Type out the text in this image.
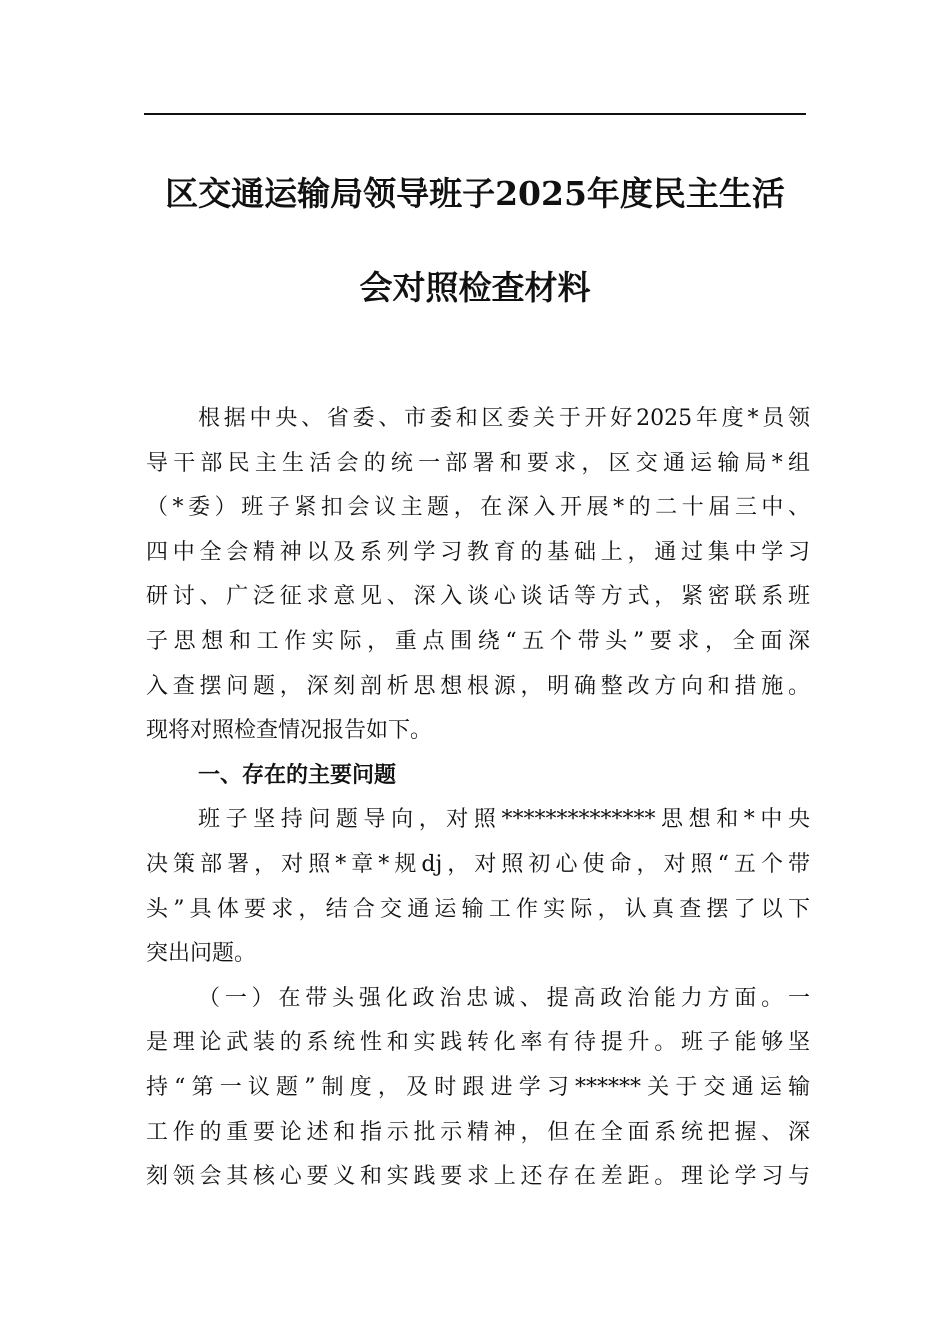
区交通运输局领导班子2025年度民主生活
会对照检查材料
根据中央、省委、市委和区委关于开好2025年度*员领
导干部民主生活会的统一部署和要求，区交通运输局*组
（*委）班子紧扣会议主题，在深入开展*的二十届三中、
四中全会精神以及系列学习教育的基础上，通过集中学习
研讨、广泛征求意见、深入谈心谈话等方式，紧密联系班
子思想和工作实际，重点围绕“五个带头”要求，全面深
入查摆问题，深刻剖析思想根源，明确整改方向和措施。
现将对照检查情况报告如下。
一、存在的主要问题
班子坚持问题导向，对照**************思想和*中央
决策部署，对照*章*规dj，对照初心使命，对照“五个带
头”具体要求，结合交通运输工作实际，认真查摆了以下
突出问题。
（一）在带头强化政治忠诚、提高政治能力方面。一
是理论武装的系统性和实践转化率有待提升。班子能够坚
持“第一议题”制度，及时跟进学习******关于交通运输
工作的重要论述和指示批示精神，但在全面系统把握、深
刻领会其核心要义和实践要求上还存在差距。理论学习与
